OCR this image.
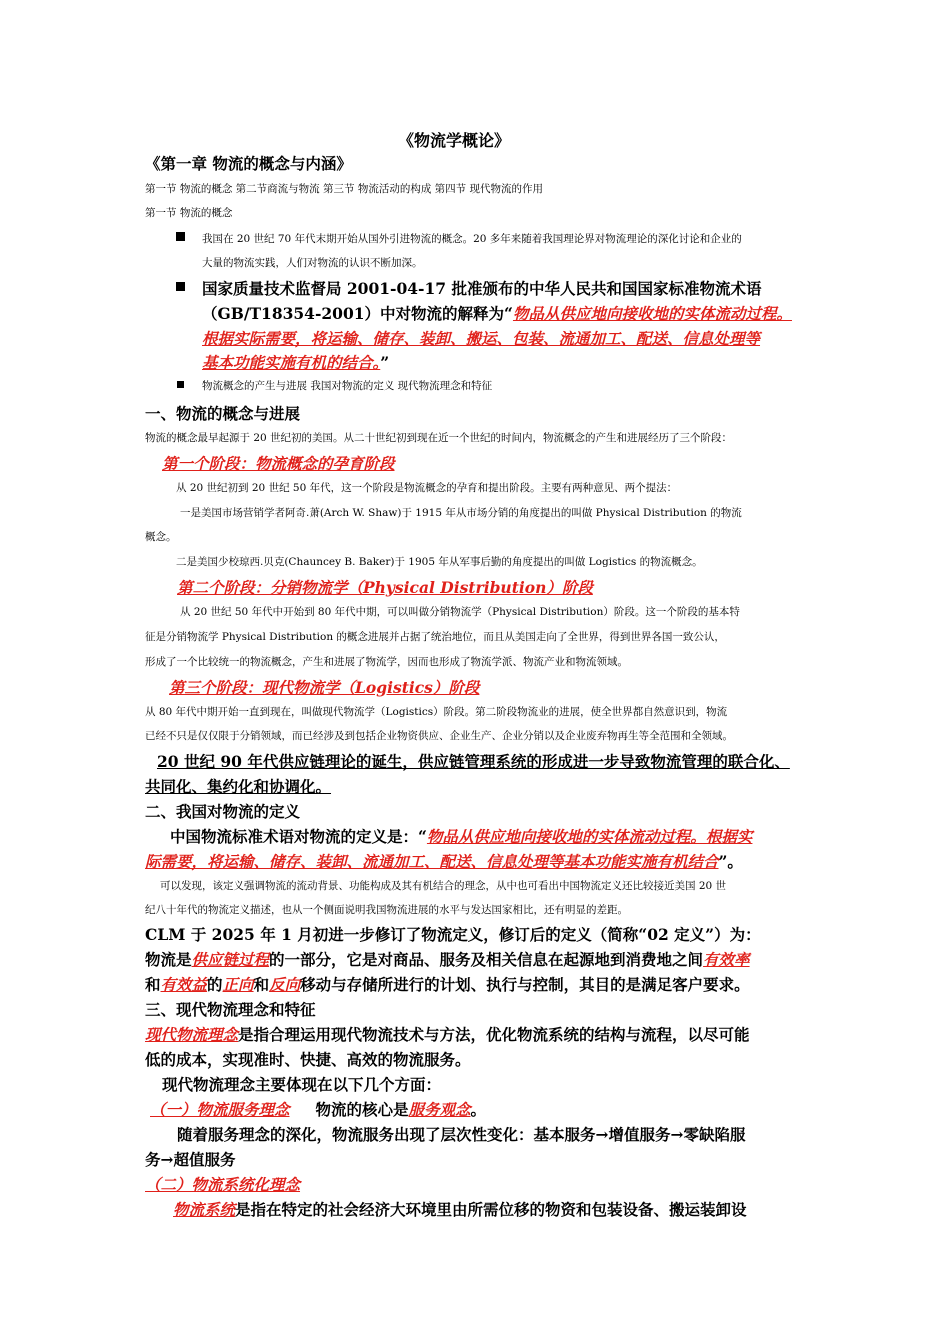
《物流学概论》
《第一章 物流的概念与内涵》
第一节 物流的概念 第二节商流与物流 第三节 物流活动的构成 第四节 现代物流的作用
第一节 物流的概念
我国在 20 世纪 70 年代末期开始从国外引进物流的概念。20 多年来随着我国理论界对物流理论的深化讨论和企业的
大量的物流实践，人们对物流的认识不断加深。
国家质量技术监督局 2001-04-17 批准颁布的中华人民共和国国家标准物流术语
（GB/T18354-2001）中对物流的解释为“物品从供应地向接收地的实体流动过程。
根据实际需要，将运输、储存、装卸、搬运、包装、流通加工、配送、信息处理等
基本功能实施有机的结合。”
物流概念的产生与进展 我国对物流的定义 现代物流理念和特征
一、物流的概念与进展
物流的概念最早起源于 20 世纪初的美国。从二十世纪初到现在近一个世纪的时间内，物流概念的产生和进展经历了三个阶段：
第一个阶段：物流概念的孕育阶段
从 20 世纪初到 20 世纪 50 年代，这一个阶段是物流概念的孕育和提出阶段。主要有两种意见、两个提法：
一是美国市场营销学者阿奇.萧(Arch W. Shaw)于 1915 年从市场分销的角度提出的叫做 Physical Distribution 的物流
概念。
二是美国少校琼西.贝克(Chauncey B. Baker)于 1905 年从军事后勤的角度提出的叫做 Logistics 的物流概念。
第二个阶段：分销物流学（Physical Distribution）阶段
从 20 世纪 50 年代中开始到 80 年代中期，可以叫做分销物流学（Physical Distribution）阶段。这一个阶段的基本特
征是分销物流学 Physical Distribution 的概念进展并占据了统治地位，而且从美国走向了全世界，得到世界各国一致公认，
形成了一个比较统一的物流概念，产生和进展了物流学，因而也形成了物流学派、物流产业和物流领域。
第三个阶段：现代物流学（Logistics）阶段
从 80 年代中期开始一直到现在，叫做现代物流学（Logistics）阶段。第二阶段物流业的进展，使全世界都自然意识到，物流
已经不只是仅仅限于分销领域，而已经涉及到包括企业物资供应、企业生产、企业分销以及企业废弃物再生等全范围和全领域。
20 世纪 90 年代供应链理论的诞生，供应链管理系统的形成进一步导致物流管理的联合化、
共同化、集约化和协调化。
二、我国对物流的定义
中国物流标准术语对物流的定义是：“物品从供应地向接收地的实体流动过程。根据实
际需要，将运输、储存、装卸、流通加工、配送、信息处理等基本功能实施有机结合”。
可以发现，该定义强调物流的流动背景、功能构成及其有机结合的理念，从中也可看出中国物流定义还比较接近美国 20 世
纪八十年代的物流定义描述，也从一个侧面说明我国物流进展的水平与发达国家相比，还有明显的差距。
CLM 于 2025 年 1 月初进一步修订了物流定义，修订后的定义（简称“02 定义”）为：
物流是供应链过程的一部分，它是对商品、服务及相关信息在起源地到消费地之间有效率
和有效益的正向和反向移动与存储所进行的计划、执行与控制，其目的是满足客户要求。
三、现代物流理念和特征
现代物流理念是指合理运用现代物流技术与方法，优化物流系统的结构与流程，以尽可能
低的成本，实现准时、快捷、高效的物流服务。
现代物流理念主要体现在以下几个方面：
（一）物流服务理念 物流的核心是服务观念。
随着服务理念的深化，物流服务出现了层次性变化：基本服务→增值服务→零缺陷服
务→超值服务
（二）物流系统化理念
物流系统是指在特定的社会经济大环境里由所需位移的物资和包装设备、搬运装卸设
